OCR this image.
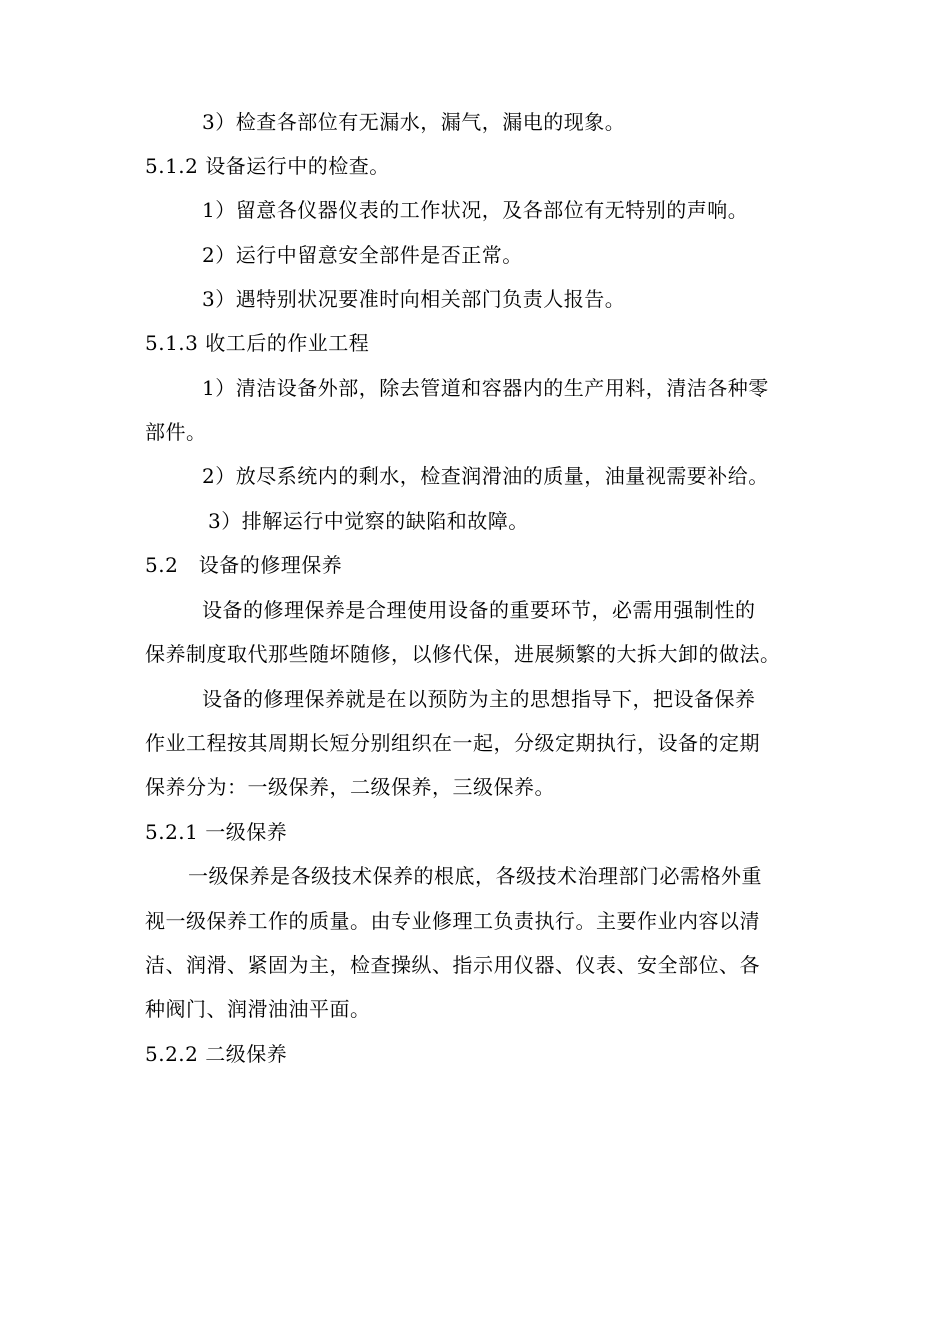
3）检查各部位有无漏水，漏气，漏电的现象。
5.1.2 设备运行中的检查。
1）留意各仪器仪表的工作状况，及各部位有无特别的声响。
2）运行中留意安全部件是否正常。
3）遇特别状况要准时向相关部门负责人报告。
5.1.3 收工后的作业工程
1）清洁设备外部，除去管道和容器内的生产用料，清洁各种零
部件。
2）放尽系统内的剩水，检查润滑油的质量，油量视需要补给。
3）排解运行中觉察的缺陷和故障。
5.2　设备的修理保养
设备的修理保养是合理使用设备的重要环节，必需用强制性的
保养制度取代那些随坏随修，以修代保，进展频繁的大拆大卸的做法。
设备的修理保养就是在以预防为主的思想指导下，把设备保养
作业工程按其周期长短分别组织在一起，分级定期执行，设备的定期
保养分为：一级保养，二级保养，三级保养。
5.2.1 一级保养
一级保养是各级技术保养的根底，各级技术治理部门必需格外重
视一级保养工作的质量。由专业修理工负责执行。主要作业内容以清
洁、润滑、紧固为主，检查操纵、指示用仪器、仪表、安全部位、各
种阀门、润滑油油平面。
5.2.2 二级保养
